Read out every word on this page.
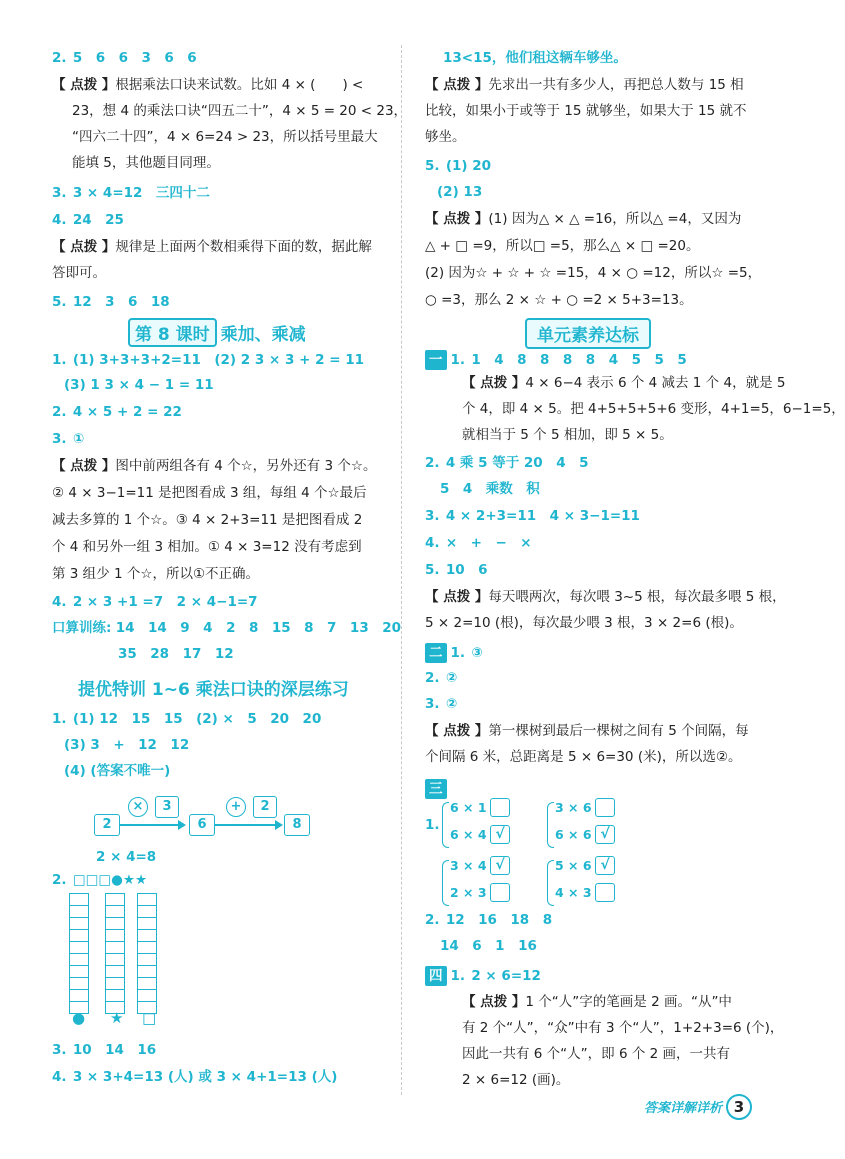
2. 5　6　6　3　6　6
【 点拨 】根据乘法口诀来试数。比如 4 × (　　) <
23，想 4 的乘法口诀“四五二十”，4 × 5 = 20 < 23，
“四六二十四”，4 × 6=24 > 23，所以括号里最大
能填 5，其他题目同理。
3. 3 × 4=12　三四十二
4. 24　25
【 点拨 】规律是上面两个数相乘得下面的数，据此解
答即可。
5. 12　3　6　18
第 8 课时 乘加、乘减
1. (1) 3+3+3+2=11　(2) 2 3 × 3 + 2 = 11
(3) 1 3 × 4 − 1 = 11
2. 4 × 5 + 2 = 22
3. ①
【 点拨 】图中前两组各有 4 个☆，另外还有 3 个☆。
② 4 × 3−1=11 是把图看成 3 组，每组 4 个☆最后
减去多算的 1 个☆。③ 4 × 2+3=11 是把图看成 2
个 4 和另外一组 3 相加。① 4 × 3=12 没有考虑到
第 3 组少 1 个☆，所以①不正确。
4. 2 × 3 +1 =7　2 × 4−1=7
口算训练: 14　14　9　4　2　8　15　8　7　13　20
35　28　17　12
提优特训 1~6 乘法口诀的深层练习
1. (1) 12　15　15　(2) ×　5　20　20
(3) 3　+　12　12
(4) (答案不唯一)
×	3	+	2
2	6	8
2 × 4=8
2. □□□●★★
● ★ □
3. 10　14　16
4. 3 × 3+4=13 (人) 或 3 × 4+1=13 (人)
13<15，他们租这辆车够坐。
【 点拨 】先求出一共有多少人，再把总人数与 15 相
比较，如果小于或等于 15 就够坐，如果大于 15 就不
够坐。
5. (1) 20
(2) 13
【 点拨 】(1) 因为△ × △ =16，所以△ =4，又因为
△ + □ =9，所以□ =5，那么△ × □ =20。
(2) 因为☆ + ☆ + ☆ =15，4 × ○ =12，所以☆ =5，
○ =3，那么 2 × ☆ + ○ =2 × 5+3=13。
单元素养达标
一 1. 1　4　8　8　8　8　4　5　5　5
【 点拨 】4 × 6−4 表示 6 个 4 减去 1 个 4，就是 5
个 4，即 4 × 5。把 4+5+5+5+6 变形，4+1=5，6−1=5，
就相当于 5 个 5 相加，即 5 × 5。
2. 4 乘 5 等于 20　4　5
5　4　乘数　积
3. 4 × 2+3=11　4 × 3−1=11
4. ×　+　−　×
5. 10　6
【 点拨 】每天喂两次，每次喂 3~5 根，每次最多喂 5 根，
5 × 2=10 (根)，每次最少喂 3 根，3 × 2=6 (根)。
二 1. ③
2. ②
3. ②
【 点拨 】第一棵树到最后一棵树之间有 5 个间隔，每
个间隔 6 米，总距离是 5 × 6=30 (米)，所以选②。
三
1.
6 × 1
6 × 4 √
3 × 6
6 × 6 √
3 × 4 √
2 × 3
5 × 6 √
4 × 3
2. 12　16　18　8
14　6　1　16
四 1. 2 × 6=12
【 点拨 】1 个“人”字的笔画是 2 画。“从”中
有 2 个“人”，“众”中有 3 个“人”，1+2+3=6 (个)，
因此一共有 6 个“人”，即 6 个 2 画，一共有
2 × 6=12 (画)。
答案详解详析 3
